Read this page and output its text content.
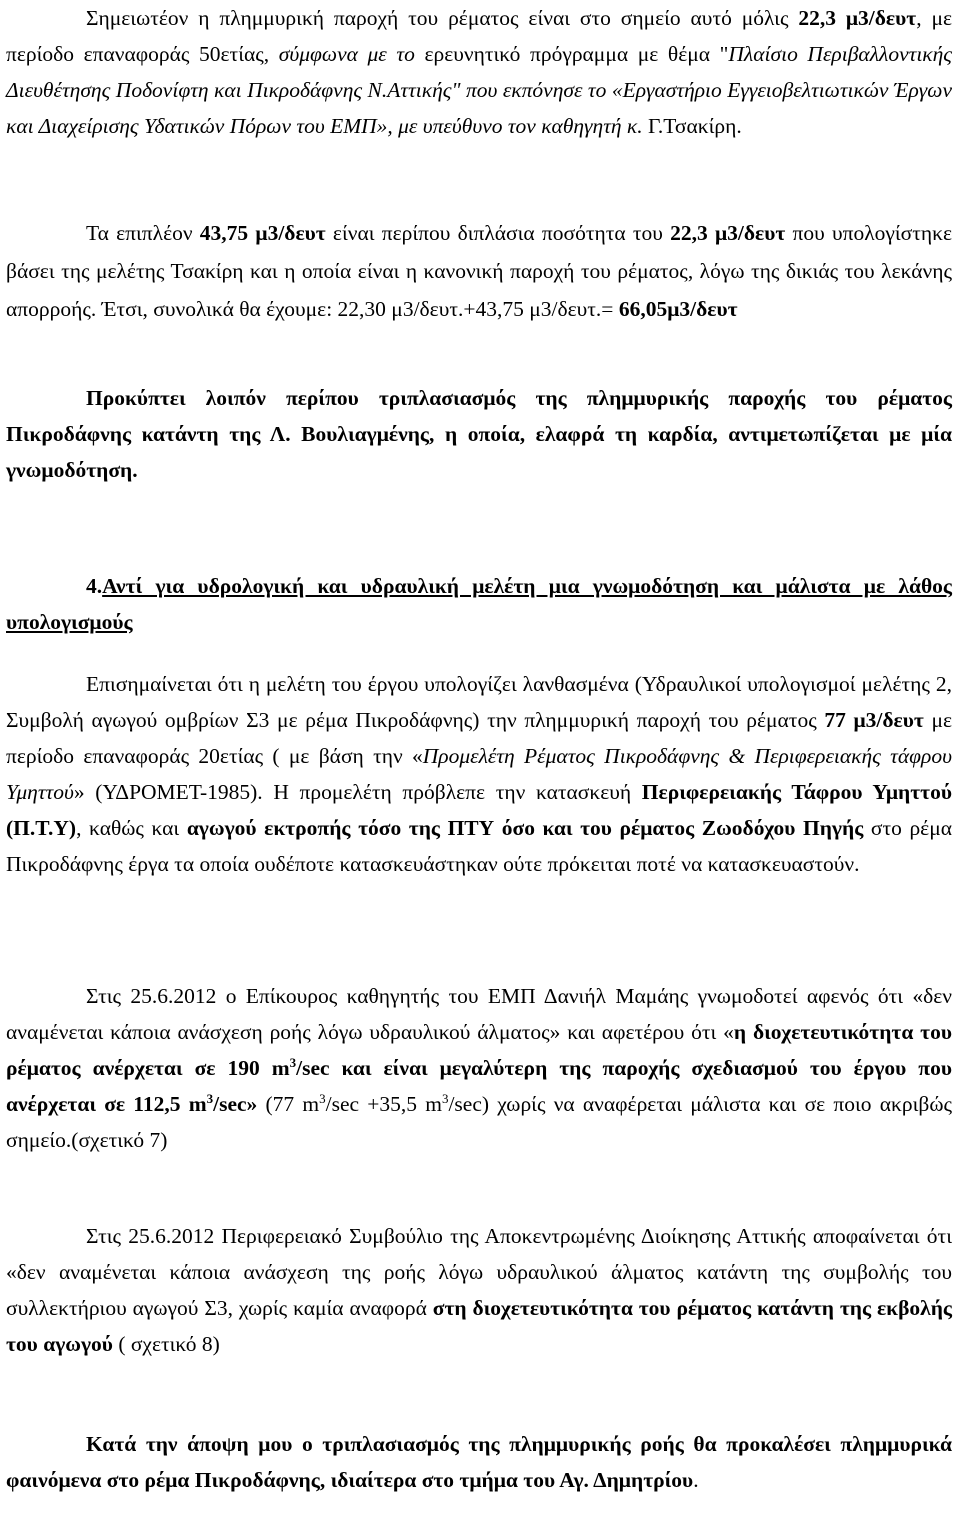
Σημειωτέον η πλημμυρική παροχή του ρέματος είναι στο σημείο αυτό μόλις 22,3 μ3/δευτ, με περίοδο επαναφοράς 50ετίας, σύμφωνα με το ερευνητικό πρόγραμμα με θέμα "Πλαίσιο Περιβαλλοντικής Διευθέτησης Ποδονίφτη και Πικροδάφνης Ν.Αττικής" που εκπόνησε το «Εργαστήριο Εγγειοβελτιωτικών Έργων και Διαχείρισης Υδατικών Πόρων του ΕΜΠ», με υπεύθυνο τον καθηγητή κ. Γ.Τσακίρη.

Τα επιπλέον 43,75 μ3/δευτ είναι περίπου διπλάσια ποσότητα του 22,3 μ3/δευτ που υπολογίστηκε βάσει της μελέτης Τσακίρη και η οποία είναι η κανονική παροχή του ρέματος, λόγω της δικιάς του λεκάνης απορροής. Έτσι, συνολικά θα έχουμε: 22,30 μ3/δευτ.+43,75 μ3/δευτ.= 66,05μ3/δευτ

Προκύπτει λοιπόν περίπου τριπλασιασμός της πλημμυρικής παροχής του ρέματος Πικροδάφνης κατάντη της Λ. Βουλιαγμένης, η οποία, ελαφρά τη καρδία, αντιμετωπίζεται με μία γνωμοδότηση.

4.Αντί για υδρολογική και υδραυλική μελέτη μια γνωμοδότηση και μάλιστα με λάθος υπολογισμούς

Επισημαίνεται ότι η μελέτη του έργου υπολογίζει λανθασμένα (Υδραυλικοί υπολογισμοί μελέτης 2, Συμβολή αγωγού ομβρίων Σ3 με ρέμα Πικροδάφνης) την πλημμυρική παροχή του ρέματος 77 μ3/δευτ με περίοδο επαναφοράς 20ετίας ( με βάση την «Προμελέτη Ρέματος Πικροδάφνης & Περιφερειακής τάφρου Υμηττού» (ΥΔΡΟΜΕΤ-1985). Η προμελέτη πρόβλεπε την κατασκευή Περιφερειακής Τάφρου Υμηττού (Π.Τ.Υ), καθώς και αγωγού εκτροπής τόσο της ΠΤΥ όσο και του ρέματος Ζωοδόχου Πηγής στο ρέμα Πικροδάφνης έργα τα οποία ουδέποτε κατασκευάστηκαν ούτε πρόκειται ποτέ να κατασκευαστούν.

Στις 25.6.2012 ο Επίκουρος καθηγητής του ΕΜΠ Δανιήλ Μαμάης γνωμοδοτεί αφενός ότι «δεν αναμένεται κάποια ανάσχεση ροής λόγω υδραυλικού άλματος» και αφετέρου ότι «η διοχετευτικότητα του ρέματος ανέρχεται σε 190 $m^3/\sec$ και είναι μεγαλύτερη της παροχής σχεδιασμού του έργου που ανέρχεται σε 112,5 $m^3/\sec$» (77 $m^3/\sec +35,5$ $m^3/\sec$) χωρίς να αναφέρεται μάλιστα και σε ποιο ακριβώς σημείο.(σχετικό 7)

Στις 25.6.2012 Περιφερειακό Συμβούλιο της Αποκεντρωμένης Διοίκησης Αττικής αποφαίνεται ότι «δεν αναμένεται κάποια ανάσχεση της ροής λόγω υδραυλικού άλματος κατάντη της συμβολής του συλλεκτήριου αγωγού Σ3, χωρίς καμία αναφορά στη διοχετευτικότητα του ρέματος κατάντη της εκβολής του αγωγού ( σχετικό 8)

Κατά την άποψη μου ο τριπλασιασμός της πλημμυρικής ροής θα προκαλέσει πλημμυρικά φαινόμενα στο ρέμα Πικροδάφνης, ιδιαίτερα στο τμήμα του Αγ. Δημητρίου.
